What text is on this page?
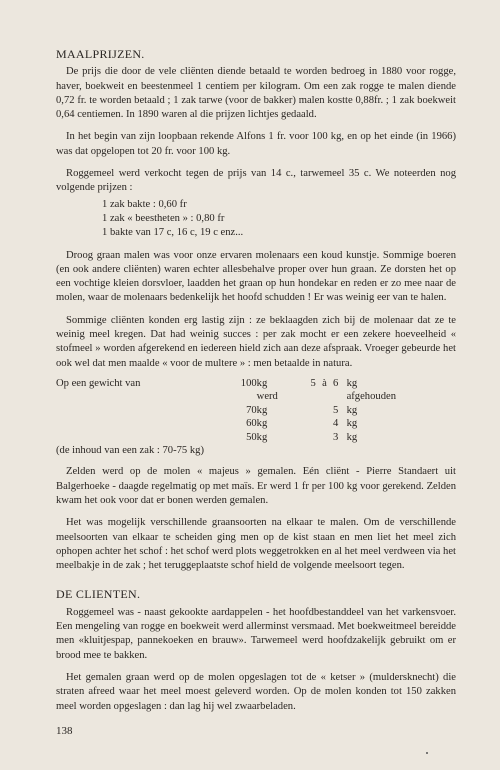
MAALPRIJZEN.

De prijs die door de vele cliënten diende betaald te worden bedroeg in 1880 voor rogge, haver, boekweit en beestenmeel 1 centiem per kilogram. Om een zak rogge te malen diende 0,72 fr. te worden betaald ; 1 zak tarwe (voor de bakker) malen kostte 0,88fr. ; 1 zak boekweit 0,64 centiemen. In 1890 waren al die prijzen lichtjes gedaald.

In het begin van zijn loopbaan rekende Alfons 1 fr. voor 100 kg, en op het einde (in 1966) was dat opgelopen tot 20 fr. voor 100 kg.

Roggemeel werd verkocht tegen de prijs van 14 c., tarwemeel 35 c. We noteerden nog volgende prijzen :

1 zak bakte : 0,60 fr
1 zak « beestheten » : 0,80 fr
1 bakte van 17 c, 16 c, 19 c enz...

Droog graan malen was voor onze ervaren molenaars een koud kunstje. Sommige boeren (en ook andere cliënten) waren echter allesbehalve proper over hun graan. Ze dorsten het op een vochtige kleien dorsvloer, laadden het graan op hun hondekar en reden er zo mee naar de molen, waar de molenaars bedenkelijk het hoofd schudden ! Er was weinig eer van te halen.

Sommige cliënten konden erg lastig zijn : ze beklaagden zich bij de molenaar dat ze te weinig meel kregen. Dat had weinig succes : per zak mocht er een zekere hoeveelheid « stofmeel » worden afgerekend en iedereen hield zich aan deze afspraak. Vroeger gebeurde het ook wel dat men maalde « voor de multere » : men betaalde in natura.

Op een gewicht van	100	kg werd	5	à	6	kg afgehouden
	70	kg			5	kg
	60	kg			4	kg
	50	kg			3	kg
(de inhoud van een zak : 70-75 kg)						

Zelden werd op de molen « majeus » gemalen. Eén cliënt - Pierre Standaert uit Balgerhoeke - daagde regelmatig op met maïs. Er werd 1 fr per 100 kg voor gerekend. Zelden kwam het ook voor dat er bonen werden gemalen.

Het was mogelijk verschillende graansoorten na elkaar te malen. Om de verschillende meelsoorten van elkaar te scheiden ging men op de kist staan en men liet het meel zich ophopen achter het schof : het schof werd plots weggetrokken en al het meel verdween via het meelbakje in de zak ; het teruggeplaatste schof hield de volgende meelsoort tegen.

DE CLIENTEN.

Roggemeel was - naast gekookte aardappelen - het hoofdbestanddeel van het varkensvoer. Een mengeling van rogge en boekweit werd allerminst versmaad. Met boekweitmeel bereidde men «kluitjespap, pannekoeken en brauw». Tarwemeel werd hoofdzakelijk gebruikt om er brood mee te bakken.

Het gemalen graan werd op de molen opgeslagen tot de « ketser » (muldersknecht) die straten afreed waar het meel moest geleverd worden. Op de molen konden tot 150 zakken meel worden opgeslagen : dan lag hij wel zwaarbeladen.

138
